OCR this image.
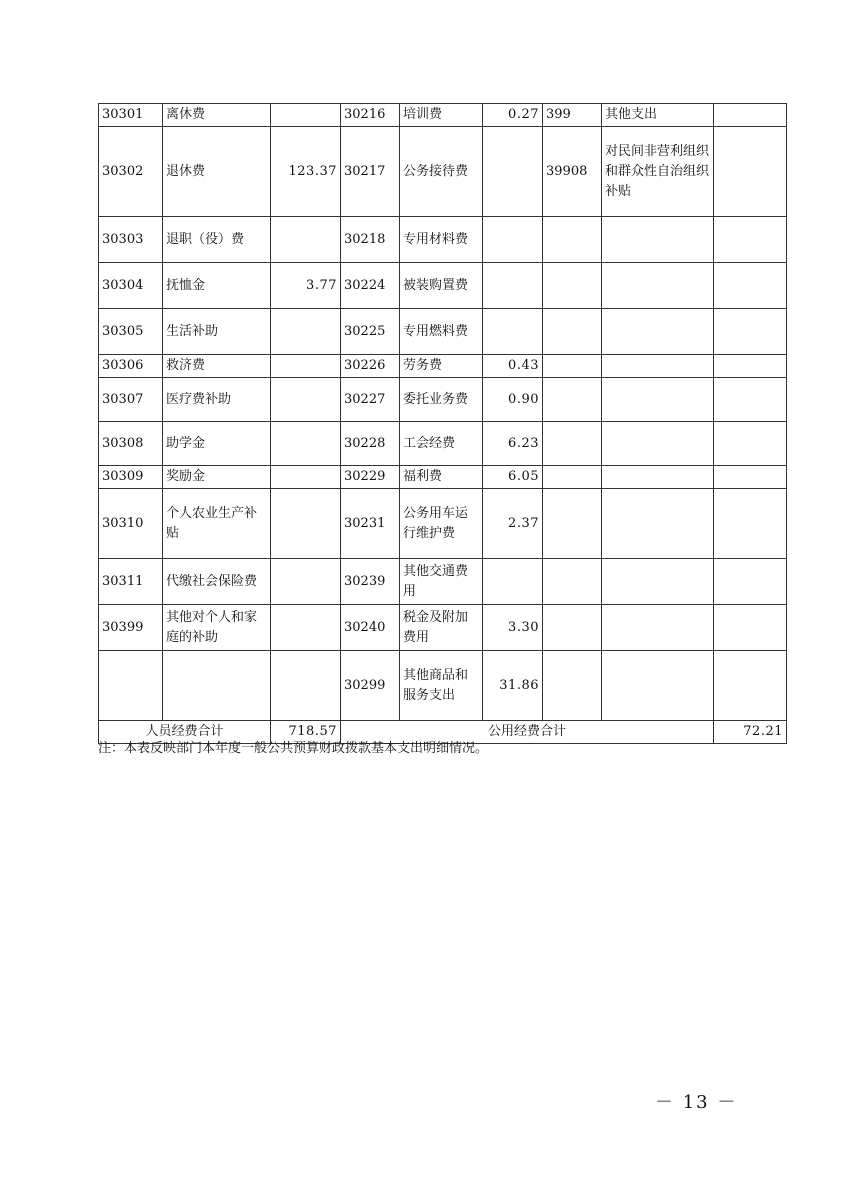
30301	离休费		30216	培训费	0.27	399	其他支出	
30302	退休费	123.37	30217	公务接待费		39908	对民间非营利组织和群众性自治组织补贴	
30303	退职（役）费		30218	专用材料费				
30304	抚恤金	3.77	30224	被装购置费				
30305	生活补助		30225	专用燃料费				
30306	救济费		30226	劳务费	0.43			
30307	医疗费补助		30227	委托业务费	0.90			
30308	助学金		30228	工会经费	6.23			
30309	奖励金		30229	福利费	6.05			
30310	个人农业生产补贴		30231	公务用车运行维护费	2.37			
30311	代缴社会保险费		30239	其他交通费用				
30399	其他对个人和家庭的补助		30240	税金及附加费用	3.30			
			30299	其他商品和服务支出	31.86			
人员经费合计		718.57	公用经费合计					72.21
注：本表反映部门本年度一般公共预算财政拨款基本支出明细情况。
－ 13 －
